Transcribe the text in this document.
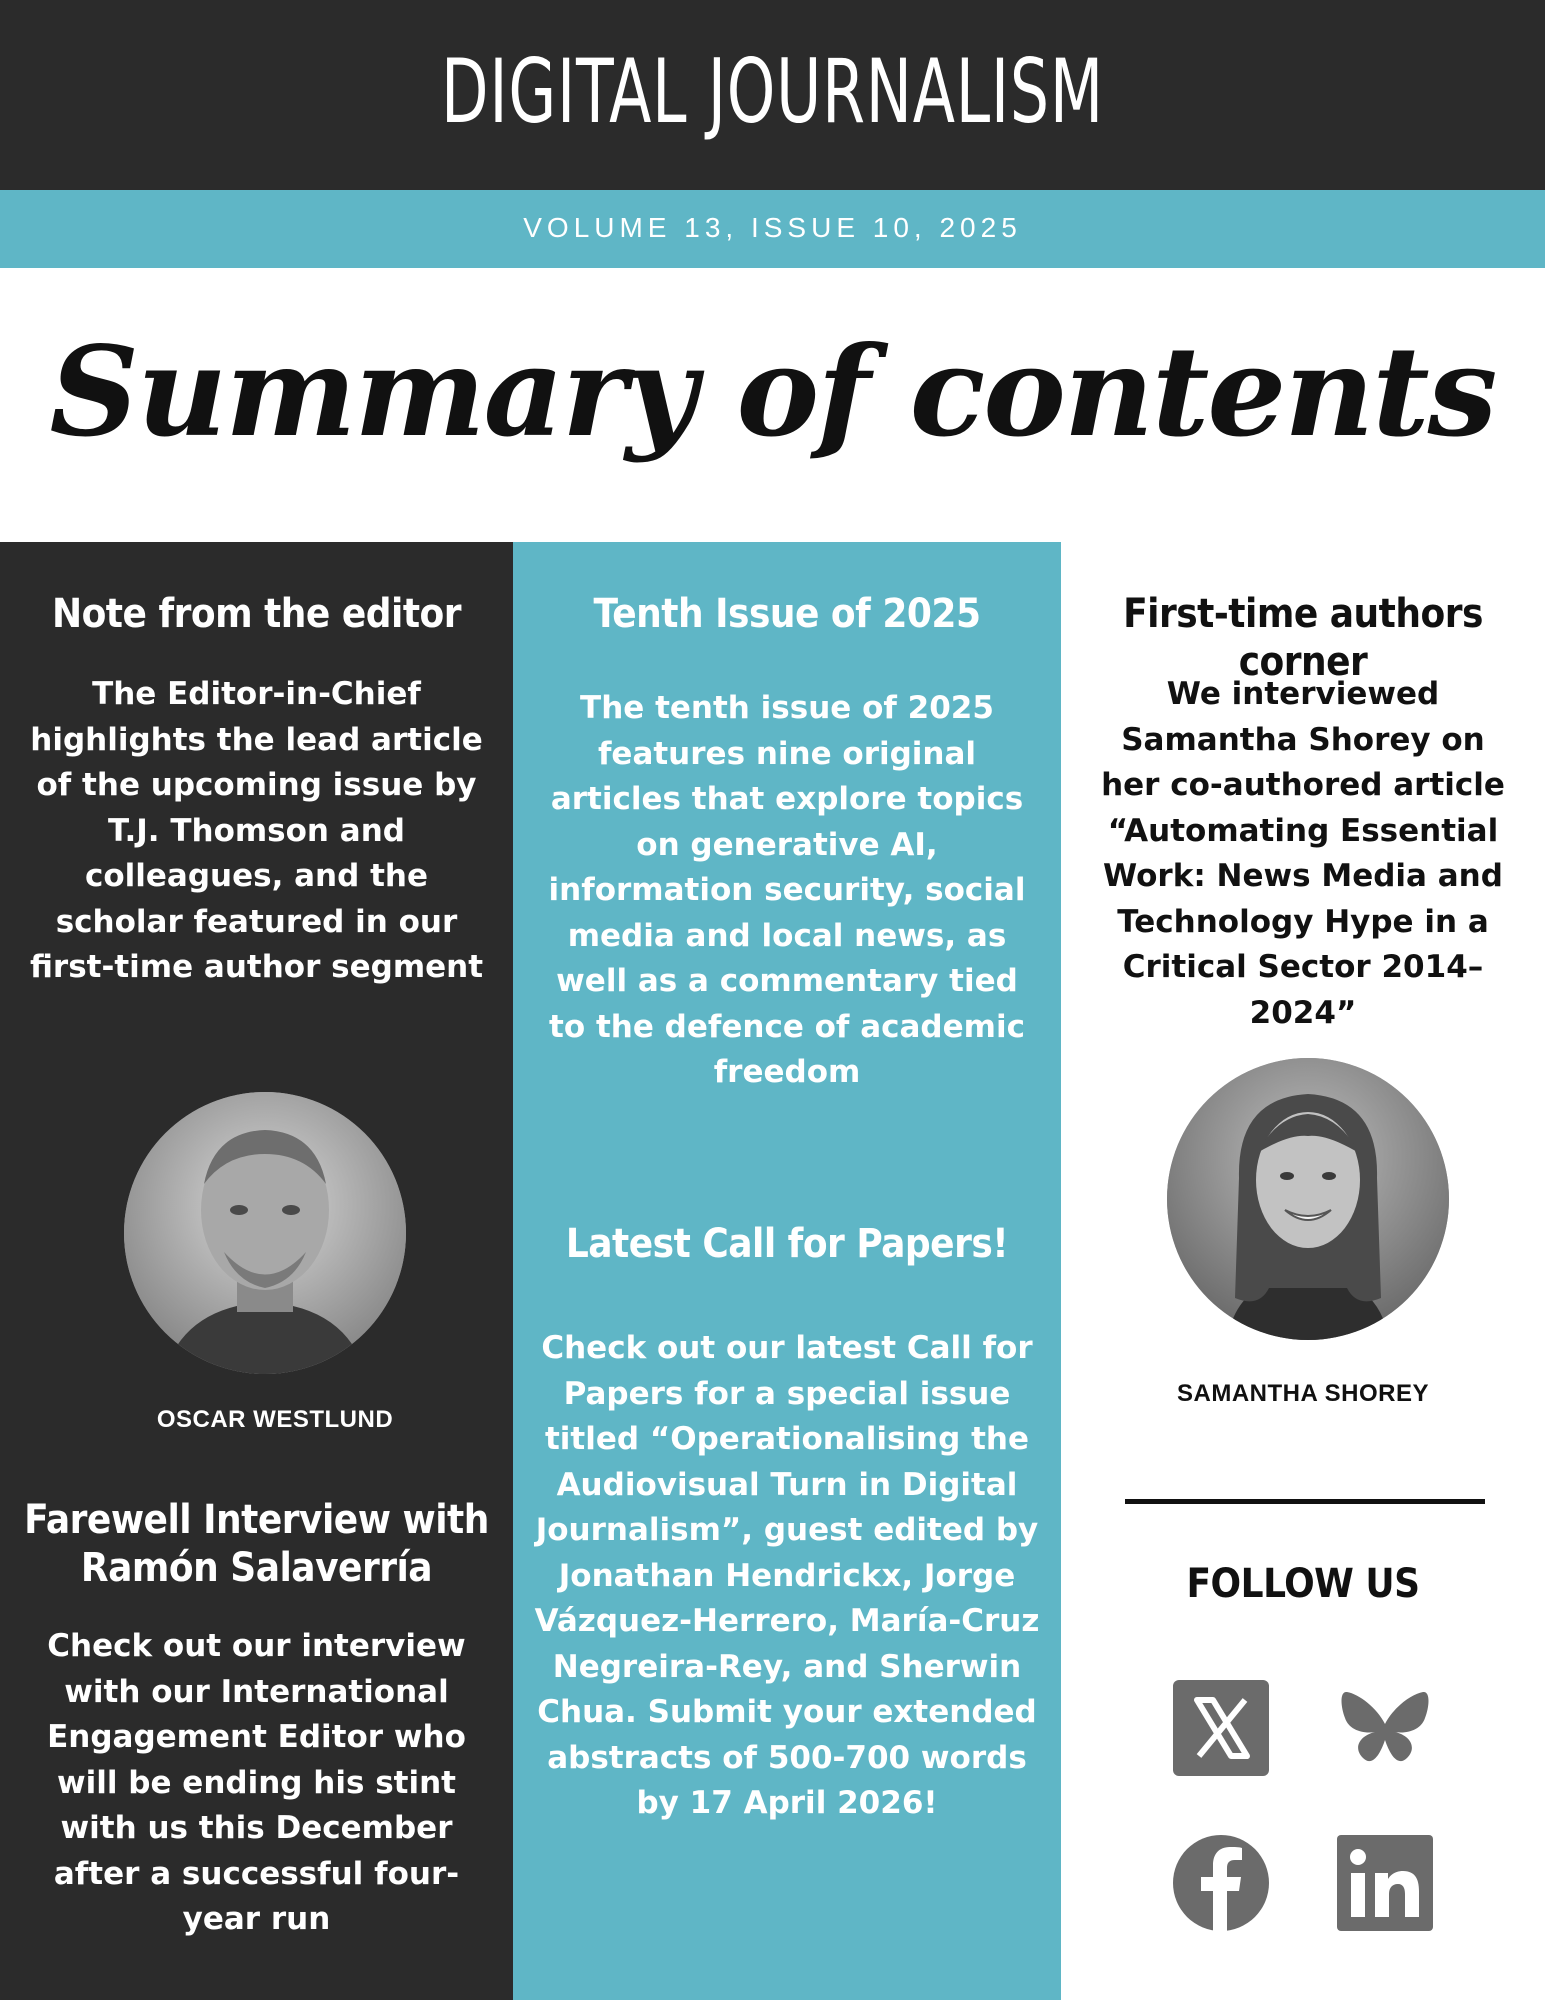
DIGITAL JOURNALISM
VOLUME 13, ISSUE 10, 2025
Summary of contents
Note from the editor
The Editor-in-Chief highlights the lead article of the upcoming issue by T.J. Thomson and colleagues, and the scholar featured in our first-time author segment
OSCAR WESTLUND
Farewell Interview with Ramón Salaverría
Check out our interview with our International Engagement Editor who will be ending his stint with us this December after a successful four-year run
Tenth Issue of 2025
The tenth issue of 2025 features nine original articles that explore topics on generative AI, information security, social media and local news, as well as a commentary tied to the defence of academic freedom
Latest Call for Papers!
Check out our latest Call for Papers for a special issue titled “Operationalising the Audiovisual Turn in Digital Journalism”, guest edited by Jonathan Hendrickx, Jorge Vázquez-Herrero, María-Cruz Negreira-Rey, and Sherwin Chua. Submit your extended abstracts of 500-700 words by 17 April 2026!
First-time authors corner
We interviewed Samantha Shorey on her co-authored article “Automating Essential Work: News Media and Technology Hype in a Critical Sector 2014–2024”
SAMANTHA SHOREY
FOLLOW US
